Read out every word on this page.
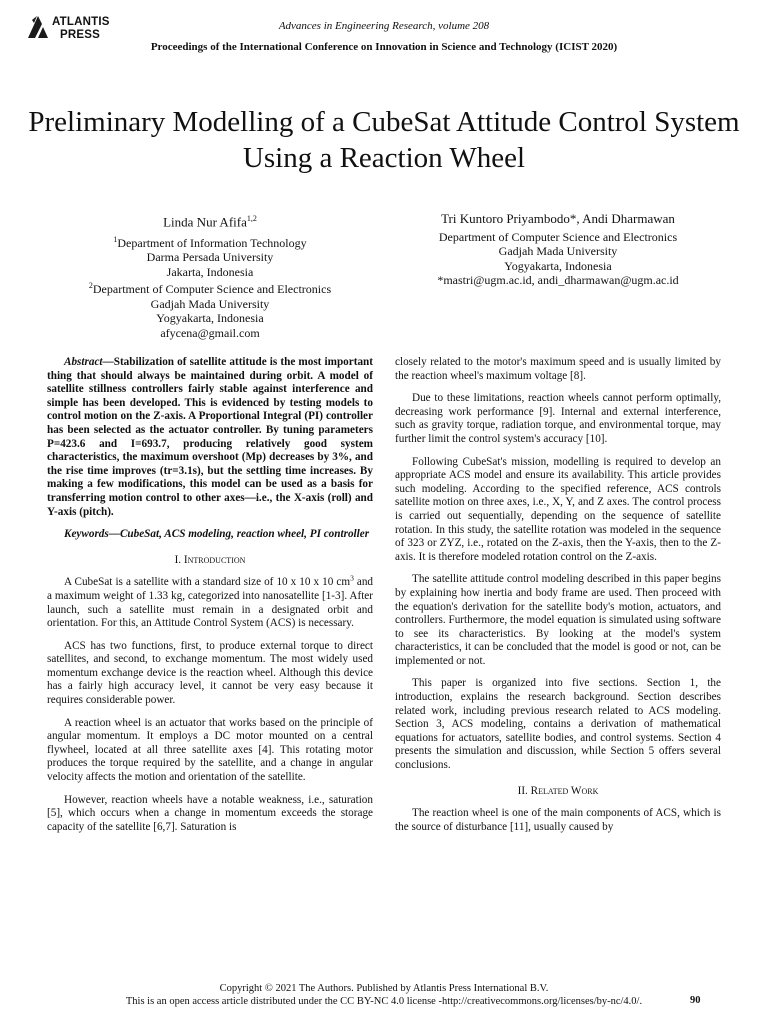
ATLANTIS
PRESS
Advances in Engineering Research, volume 208
Proceedings of the International Conference on Innovation in Science and Technology (ICIST 2020)
Preliminary Modelling of a CubeSat Attitude Control System Using a Reaction Wheel
Linda Nur Afifa$^{1,2}$
$^1$Department of Information Technology
Darma Persada University
Jakarta, Indonesia
$^2$Department of Computer Science and Electronics
Gadjah Mada University
Yogyakarta, Indonesia
afycena@gmail.com
Tri Kuntoro Priyambodo*, Andi Dharmawan
Department of Computer Science and Electronics
Gadjah Mada University
Yogyakarta, Indonesia
*mastri@ugm.ac.id, andi_dharmawan@ugm.ac.id

Abstract—Stabilization of satellite attitude is the most important thing that should always be maintained during orbit. A model of satellite stillness controllers fairly stable against interference and simple has been developed. This is evidenced by testing models to control motion on the Z-axis. A Proportional Integral (PI) controller has been selected as the actuator controller. By tuning parameters P=423.6 and I=693.7, producing relatively good system characteristics, the maximum overshoot (Mp) decreases by 3%, and the rise time improves (tr=3.1s), but the settling time increases. By making a few modifications, this model can be used as a basis for transferring motion control to other axes—i.e., the X-axis (roll) and Y-axis (pitch).

Keywords—CubeSat, ACS modeling, reaction wheel, PI controller

I. Introduction

A CubeSat is a satellite with a standard size of 10 x 10 x 10 $cm^3$ and a maximum weight of 1.33 kg, categorized into nanosatellite [1-3]. After launch, such a satellite must remain in a designated orbit and orientation. For this, an Attitude Control System (ACS) is necessary.

ACS has two functions, first, to produce external torque to direct satellites, and second, to exchange momentum. The most widely used momentum exchange device is the reaction wheel. Although this device has a fairly high accuracy level, it cannot be very easy because it requires considerable power.

A reaction wheel is an actuator that works based on the principle of angular momentum. It employs a DC motor mounted on a central flywheel, located at all three satellite axes [4]. This rotating motor produces the torque required by the satellite, and a change in angular velocity affects the motion and orientation of the satellite.

However, reaction wheels have a notable weakness, i.e., saturation [5], which occurs when a change in momentum exceeds the storage capacity of the satellite [6,7]. Saturation is

closely related to the motor's maximum speed and is usually limited by the reaction wheel's maximum voltage [8].

Due to these limitations, reaction wheels cannot perform optimally, decreasing work performance [9]. Internal and external interference, such as gravity torque, radiation torque, and environmental torque, may further limit the control system's accuracy [10].

Following CubeSat's mission, modelling is required to develop an appropriate ACS model and ensure its availability. This article provides such modeling. According to the specified reference, ACS controls satellite motion on three axes, i.e., X, Y, and Z axes. The control process is carried out sequentially, depending on the sequence of satellite rotation. In this study, the satellite rotation was modeled in the sequence of 323 or ZYZ, i.e., rotated on the Z-axis, then the Y-axis, then to the Z-axis. It is therefore modeled rotation control on the Z-axis.

The satellite attitude control modeling described in this paper begins by explaining how inertia and body frame are used. Then proceed with the equation's derivation for the satellite body's motion, actuators, and controllers. Furthermore, the model equation is simulated using software to see its characteristics. By looking at the model's system characteristics, it can be concluded that the model is good or not, can be implemented or not.

This paper is organized into five sections. Section 1, the introduction, explains the research background. Section describes related work, including previous research related to ACS modeling. Section 3, ACS modeling, contains a derivation of mathematical equations for actuators, satellite bodies, and control systems. Section 4 presents the simulation and discussion, while Section 5 offers several conclusions.

II. Related Work

The reaction wheel is one of the main components of ACS, which is the source of disturbance [11], usually caused by

Copyright © 2021 The Authors. Published by Atlantis Press International B.V.
This is an open access article distributed under the CC BY-NC 4.0 license -http://creativecommons.org/licenses/by-nc/4.0/.	90
